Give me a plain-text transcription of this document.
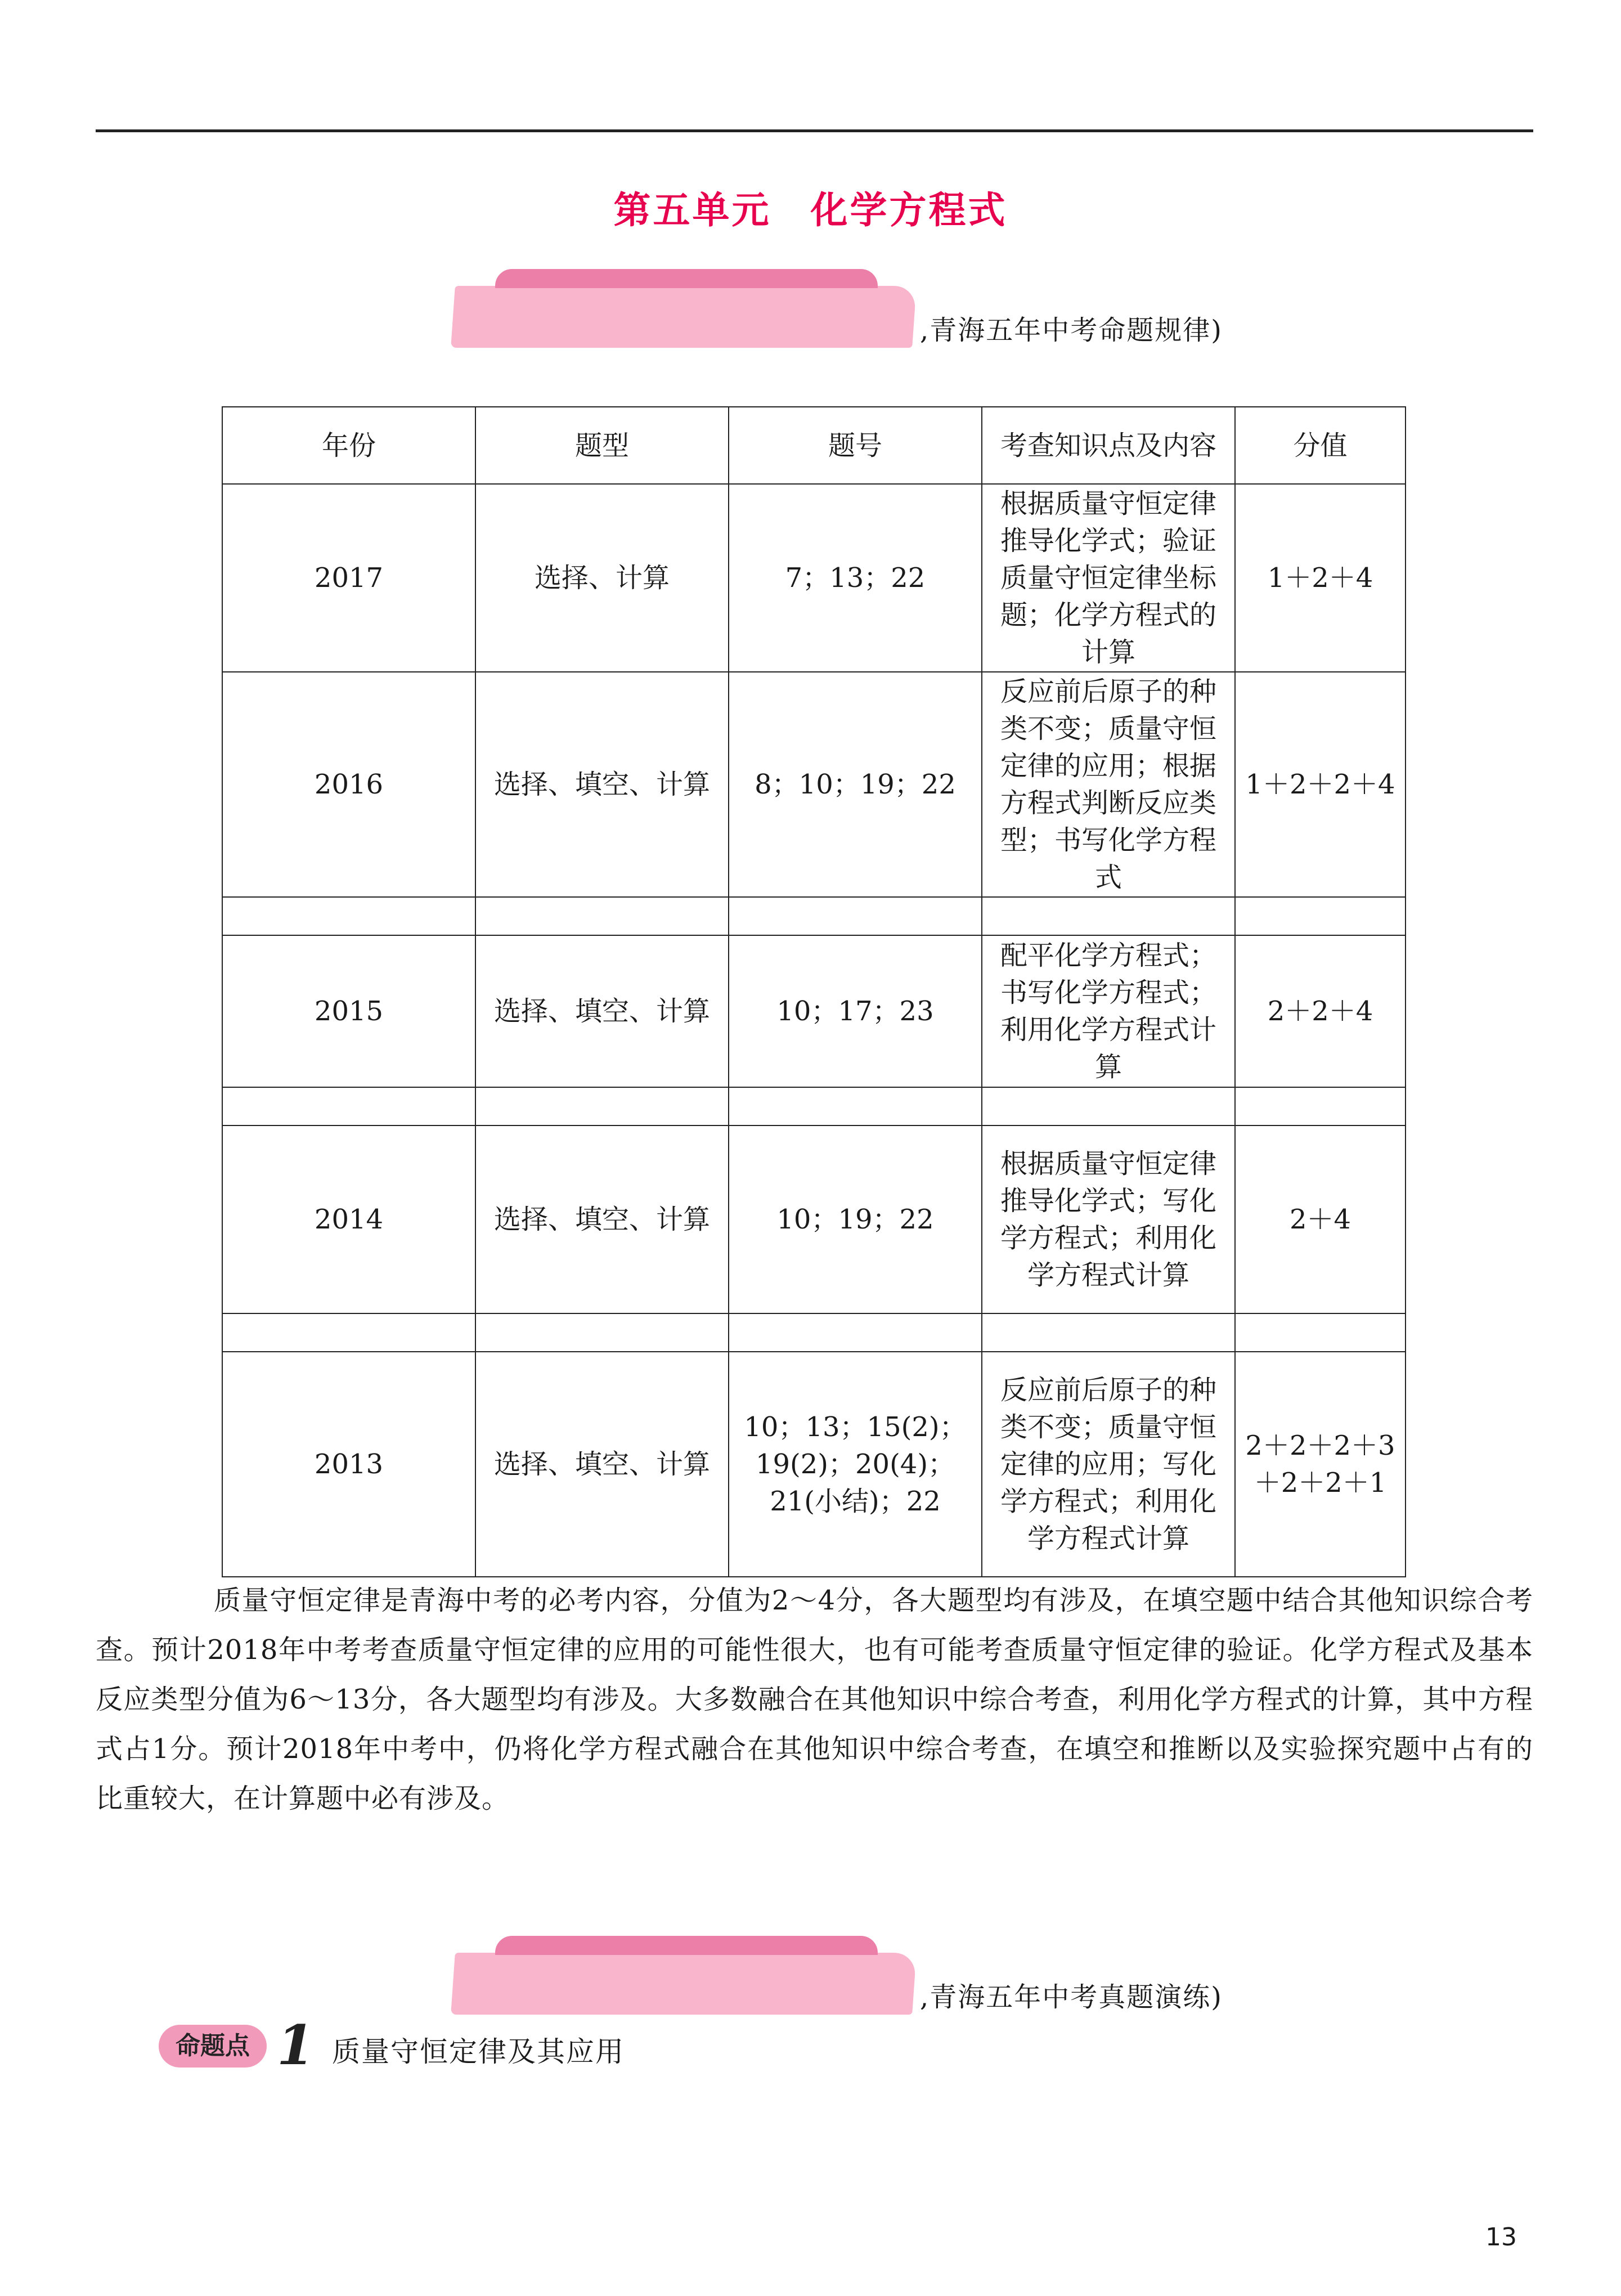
第五单元　化学方程式
,青海五年中考命题规律)
年份	题型	题号	考查知识点及内容	分值
2017	选择、计算	7；13；22	根据质量守恒定律推导化学式；验证质量守恒定律坐标题；化学方程式的计算	1＋2＋4
2016	选择、填空、计算	8；10；19；22	反应前后原子的种类不变；质量守恒定律的应用；根据方程式判断反应类型；书写化学方程式	1＋2＋2＋4

2015	选择、填空、计算	10；17；23	配平化学方程式；书写化学方程式；利用化学方程式计算	2＋2＋4

2014	选择、填空、计算	10；19；22	根据质量守恒定律推导化学式；写化学方程式；利用化学方程式计算	2＋4

2013	选择、填空、计算	10；13；15(2)；19(2)；20(4)；21(小结)；22	反应前后原子的种类不变；质量守恒定律的应用；写化学方程式；利用化学方程式计算	2＋2＋2＋3＋2＋2＋1
质量守恒定律是青海中考的必考内容，分值为2～4分，各大题型均有涉及，在填空题中结合其他知识综合考查。预计2018年中考考查质量守恒定律的应用的可能性很大，也有可能考查质量守恒定律的验证。化学方程式及基本反应类型分值为6～13分，各大题型均有涉及。大多数融合在其他知识中综合考查，利用化学方程式的计算，其中方程式占1分。预计2018年中考中，仍将化学方程式融合在其他知识中综合考查，在填空和推断以及实验探究题中占有的比重较大，在计算题中必有涉及。
,青海五年中考真题演练)
命题点 1 质量守恒定律及其应用
13
